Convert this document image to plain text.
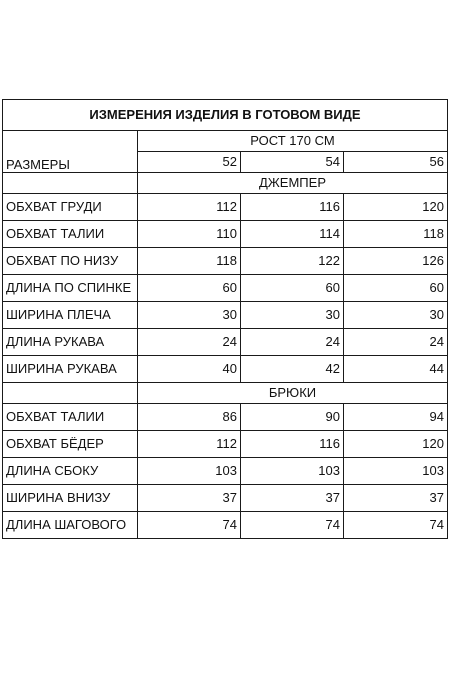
ИЗМЕРЕНИЯ ИЗДЕЛИЯ В ГОТОВОМ ВИДЕ			
РАЗМЕРЫ	РОСТ 170 СМ		
	52	54	56
	ДЖЕМПЕР		
ОБХВАТ ГРУДИ	112	116	120
ОБХВАТ ТАЛИИ	110	114	118
ОБХВАТ ПО НИЗУ	118	122	126
ДЛИНА ПО СПИНКЕ	60	60	60
ШИРИНА ПЛЕЧА	30	30	30
ДЛИНА РУКАВА	24	24	24
ШИРИНА РУКАВА	40	42	44
	БРЮКИ		
ОБХВАТ ТАЛИИ	86	90	94
ОБХВАТ БЁДЕР	112	116	120
ДЛИНА СБОКУ	103	103	103
ШИРИНА ВНИЗУ	37	37	37
ДЛИНА ШАГОВОГО	74	74	74
